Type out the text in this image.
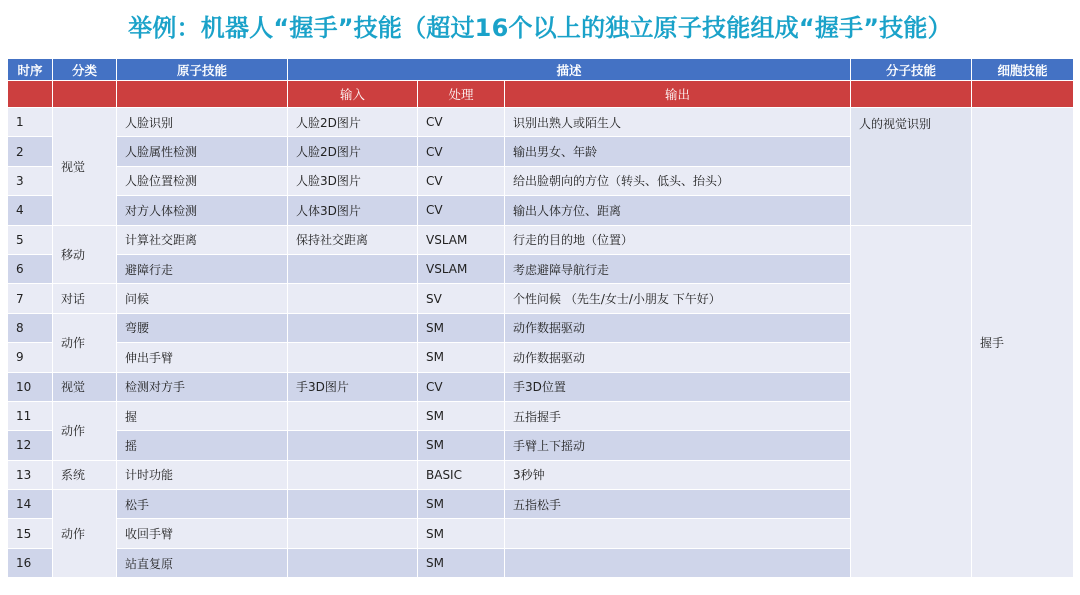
举例：机器人“握手”技能（超过16个以上的独立原子技能组成“握手”技能）
时序	分类	原子技能	描述			分子技能	细胞技能
			输入	处理	输出		
1	视觉	人脸识别	人脸2D图片	CV	识别出熟人或陌生人	人的视觉识别	握手
2		人脸属性检测	人脸2D图片	CV	输出男女、年龄		
3		人脸位置检测	人脸3D图片	CV	给出脸朝向的方位（转头、低头、抬头）		
4		对方人体检测	人体3D图片	CV	输出人体方位、距离		
5	移动	计算社交距离	保持社交距离	VSLAM	行走的目的地（位置）		
6		避障行走		VSLAM	考虑避障导航行走		
7	对话	问候		SV	个性问候 （先生/女士/小朋友 下午好）		
8	动作	弯腰		SM	动作数据驱动		
9		伸出手臂		SM	动作数据驱动		
10	视觉	检测对方手	手3D图片	CV	手3D位置		
11	动作	握		SM	五指握手		
12		摇		SM	手臂上下摇动		
13	系统	计时功能		BASIC	3秒钟		
14	动作	松手		SM	五指松手		
15		收回手臂		SM			
16		站直复原		SM			
